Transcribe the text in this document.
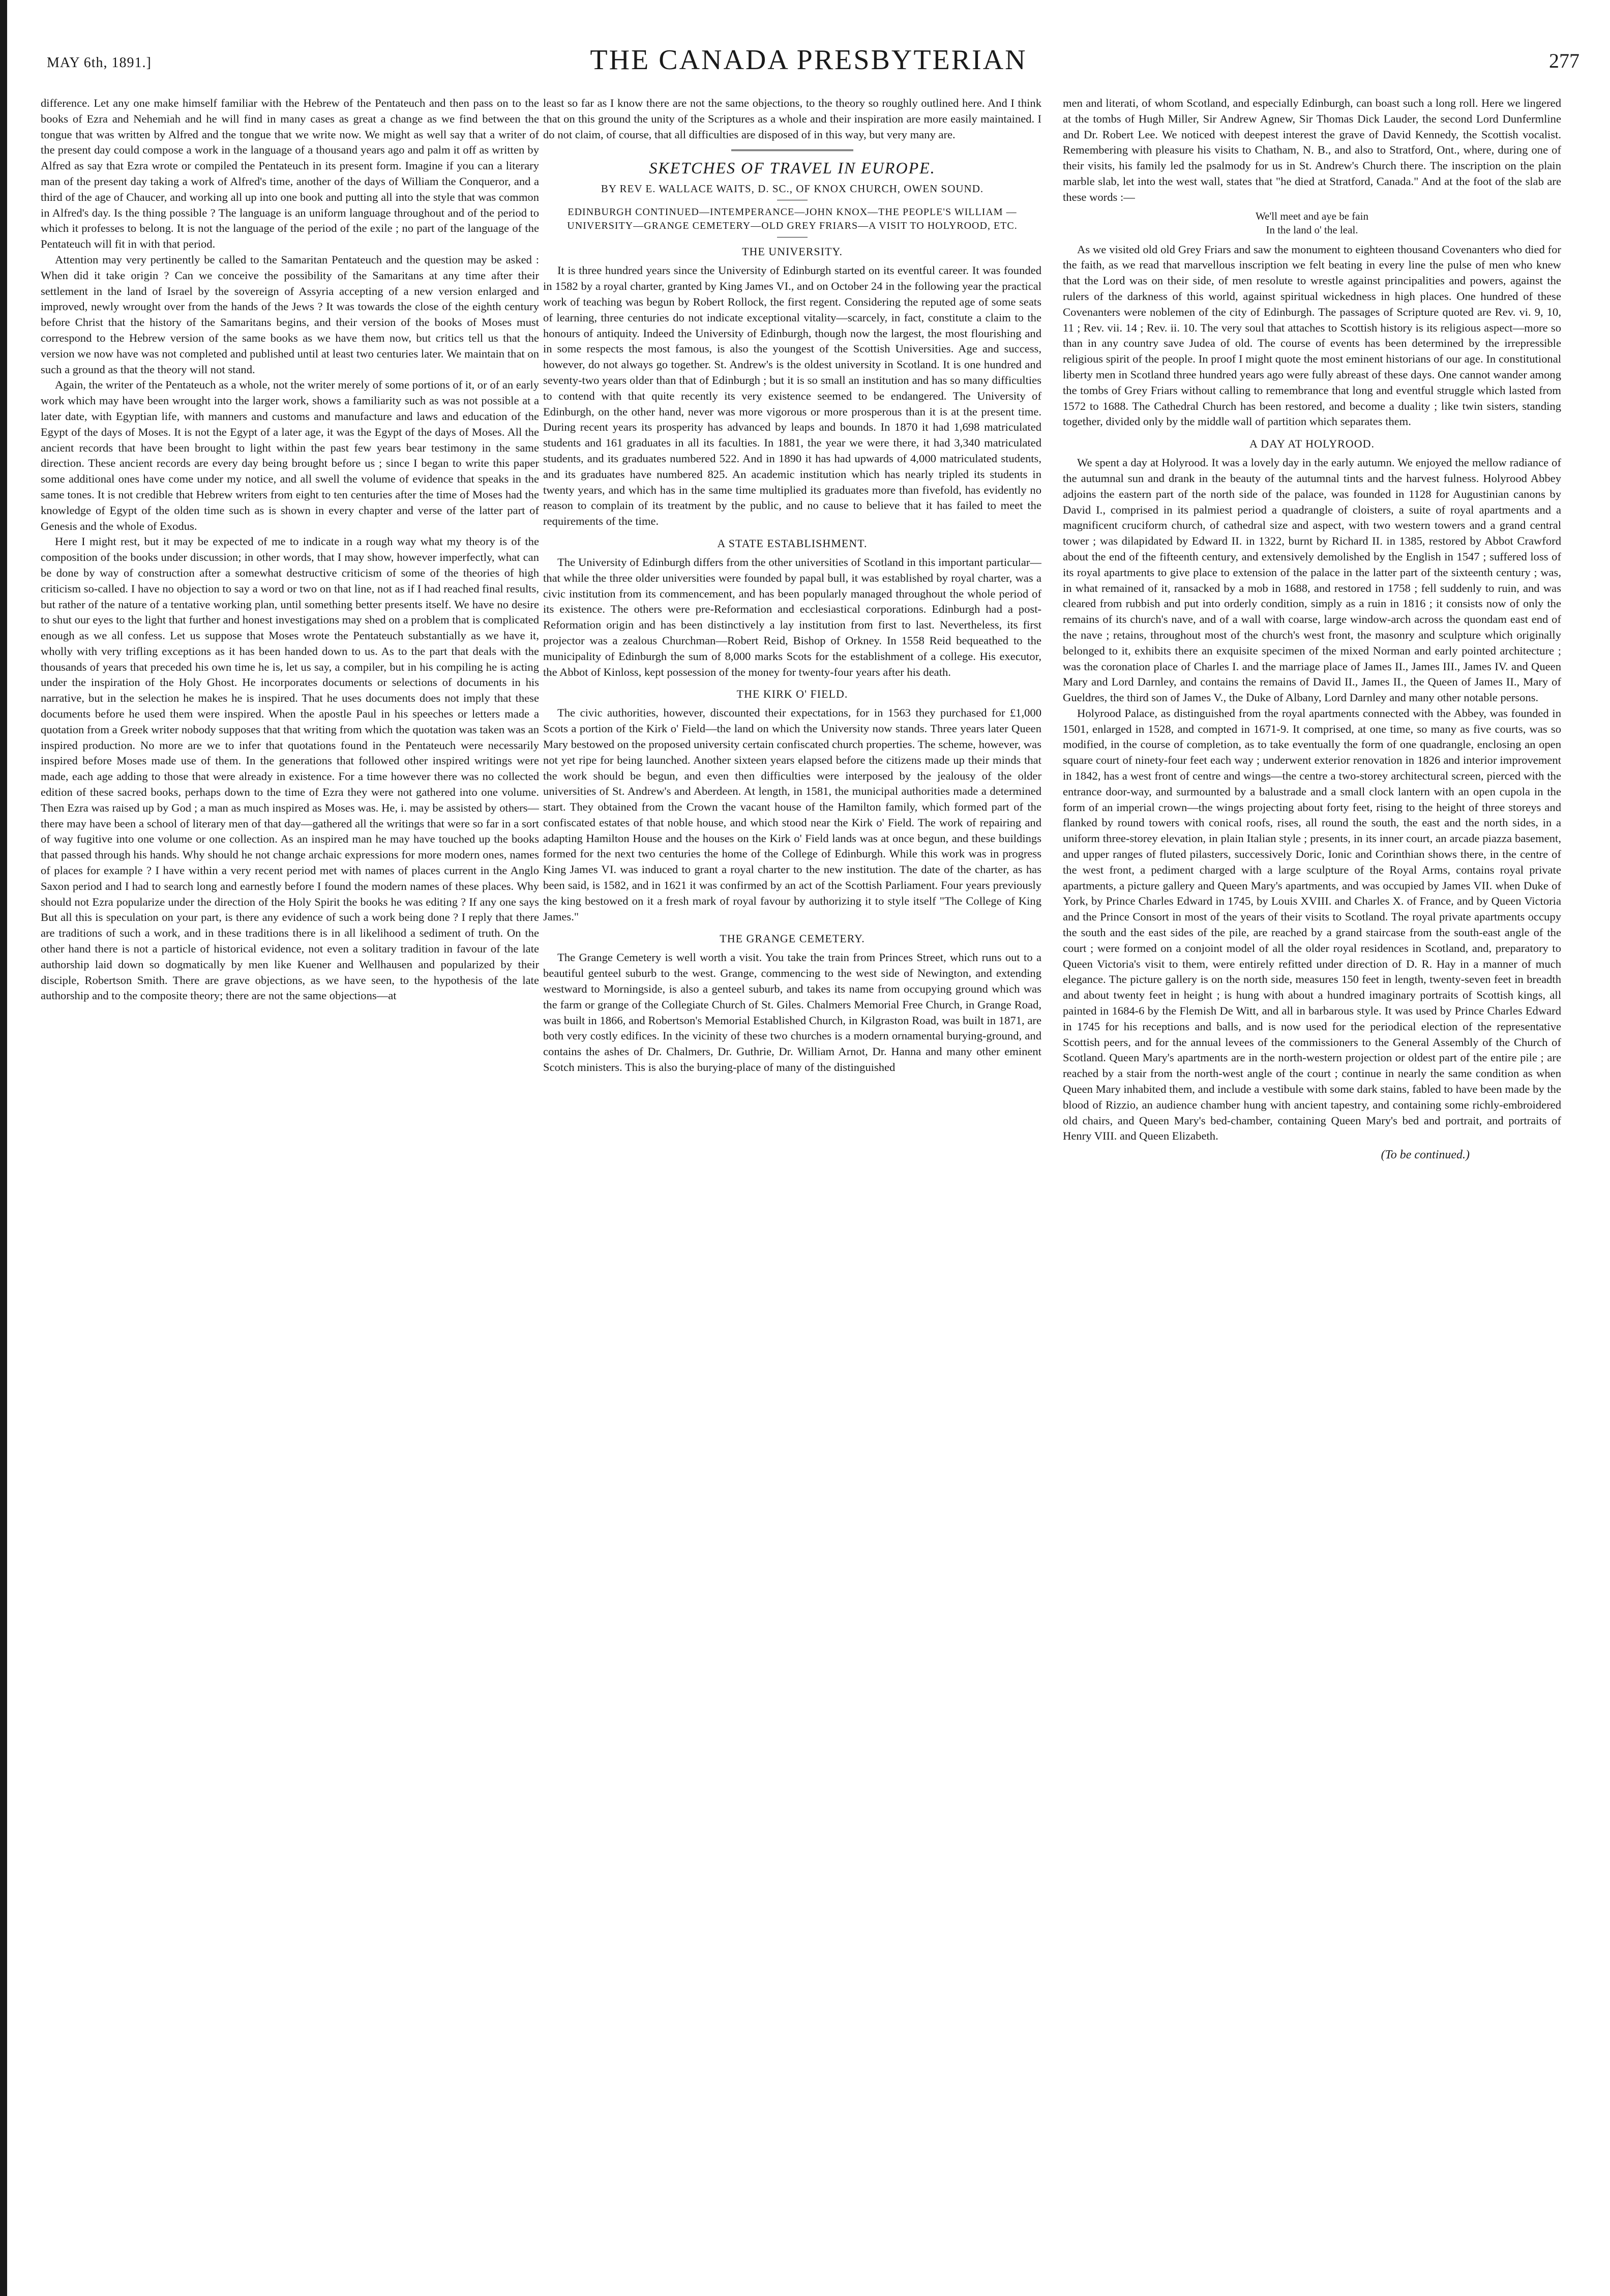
MAY 6th, 1891.]	THE CANADA PRESBYTERIAN	277

difference. Let any one make himself familiar with the Hebrew of the Pentateuch and then pass on to the books of Ezra and Nehemiah and he will find in many cases as great a change as we find between the tongue that was written by Alfred and the tongue that we write now. We might as well say that a writer of the present day could compose a work in the language of a thousand years ago and palm it off as written by Alfred as say that Ezra wrote or compiled the Pentateuch in its present form. Imagine if you can a literary man of the present day taking a work of Alfred's time, another of the days of William the Conqueror, and a third of the age of Chaucer, and working all up into one book and putting all into the style that was common in Alfred's day. Is the thing possible ? The language is an uniform language throughout and of the period to which it professes to belong. It is not the language of the period of the exile ; no part of the language of the Pentateuch will fit in with that period.

Attention may very pertinently be called to the Samaritan Pentateuch and the question may be asked : When did it take origin ? Can we conceive the possibility of the Samaritans at any time after their settlement in the land of Israel by the sovereign of Assyria accepting of a new version enlarged and improved, newly wrought over from the hands of the Jews ? It was towards the close of the eighth century before Christ that the history of the Samaritans begins, and their version of the books of Moses must correspond to the Hebrew version of the same books as we have them now, but critics tell us that the version we now have was not completed and published until at least two centuries later. We maintain that on such a ground as that the theory will not stand.

Again, the writer of the Pentateuch as a whole, not the writer merely of some portions of it, or of an early work which may have been wrought into the larger work, shows a familiarity such as was not possible at a later date, with Egyptian life, with manners and customs and manufacture and laws and education of the Egypt of the days of Moses. It is not the Egypt of a later age, it was the Egypt of the days of Moses. All the ancient records that have been brought to light within the past few years bear testimony in the same direction. These ancient records are every day being brought before us ; since I began to write this paper some additional ones have come under my notice, and all swell the volume of evidence that speaks in the same tones. It is not credible that Hebrew writers from eight to ten centuries after the time of Moses had the knowledge of Egypt of the olden time such as is shown in every chapter and verse of the latter part of Genesis and the whole of Exodus.

Here I might rest, but it may be expected of me to indicate in a rough way what my theory is of the composition of the books under discussion; in other words, that I may show, however imperfectly, what can be done by way of construction after a somewhat destructive criticism of some of the theories of high criticism so-called. I have no objection to say a word or two on that line, not as if I had reached final results, but rather of the nature of a tentative working plan, until something better presents itself. We have no desire to shut our eyes to the light that further and honest investigations may shed on a problem that is complicated enough as we all confess. Let us suppose that Moses wrote the Pentateuch substantially as we have it, wholly with very trifling exceptions as it has been handed down to us. As to the part that deals with the thousands of years that preceded his own time he is, let us say, a compiler, but in his compiling he is acting under the inspiration of the Holy Ghost. He incorporates documents or selections of documents in his narrative, but in the selection he makes he is inspired. That he uses documents does not imply that these documents before he used them were inspired. When the apostle Paul in his speeches or letters made a quotation from a Greek writer nobody supposes that that writing from which the quotation was taken was an inspired production. No more are we to infer that quotations found in the Pentateuch were necessarily inspired before Moses made use of them. In the generations that followed other inspired writings were made, each age adding to those that were already in existence. For a time however there was no collected edition of these sacred books, perhaps down to the time of Ezra they were not gathered into one volume. Then Ezra was raised up by God ; a man as much inspired as Moses was. He, i. may be assisted by others—there may have been a school of literary men of that day—gathered all the writings that were so far in a sort of way fugitive into one volume or one collection. As an inspired man he may have touched up the books that passed through his hands. Why should he not change archaic expressions for more modern ones, names of places for example ? I have within a very recent period met with names of places current in the Anglo Saxon period and I had to search long and earnestly before I found the modern names of these places. Why should not Ezra popularize under the direction of the Holy Spirit the books he was editing ? If any one says But all this is speculation on your part, is there any evidence of such a work being done ? I reply that there are traditions of such a work, and in these traditions there is in all likelihood a sediment of truth. On the other hand there is not a particle of historical evidence, not even a solitary tradition in favour of the late authorship laid down so dogmatically by men like Kuener and Wellhausen and popularized by their disciple, Robertson Smith. There are grave objections, as we have seen, to the hypothesis of the late authorship and to the composite theory; there are not the same objections—at

least so far as I know there are not the same objections, to the theory so roughly outlined here. And I think that on this ground the unity of the Scriptures as a whole and their inspiration are more easily maintained. I do not claim, of course, that all difficulties are disposed of in this way, but very many are.

SKETCHES OF TRAVEL IN EUROPE.
BY REV E. WALLACE WAITS, D. SC., OF KNOX CHURCH, OWEN SOUND.
EDINBURGH CONTINUED—INTEMPERANCE—JOHN KNOX—THE PEOPLE'S WILLIAM — UNIVERSITY—GRANGE CEMETERY—OLD GREY FRIARS—A VISIT TO HOLYROOD, ETC.
THE UNIVERSITY.

It is three hundred years since the University of Edinburgh started on its eventful career. It was founded in 1582 by a royal charter, granted by King James VI., and on October 24 in the following year the practical work of teaching was begun by Robert Rollock, the first regent. Considering the reputed age of some seats of learning, three centuries do not indicate exceptional vitality—scarcely, in fact, constitute a claim to the honours of antiquity. Indeed the University of Edinburgh, though now the largest, the most flourishing and in some respects the most famous, is also the youngest of the Scottish Universities. Age and success, however, do not always go together. St. Andrew's is the oldest university in Scotland. It is one hundred and seventy-two years older than that of Edinburgh ; but it is so small an institution and has so many difficulties to contend with that quite recently its very existence seemed to be endangered. The University of Edinburgh, on the other hand, never was more vigorous or more prosperous than it is at the present time. During recent years its prosperity has advanced by leaps and bounds. In 1870 it had 1,698 matriculated students and 161 graduates in all its faculties. In 1881, the year we were there, it had 3,340 matriculated students, and its graduates numbered 522. And in 1890 it has had upwards of 4,000 matriculated students, and its graduates have numbered 825. An academic institution which has nearly tripled its students in twenty years, and which has in the same time multiplied its graduates more than fivefold, has evidently no reason to complain of its treatment by the public, and no cause to believe that it has failed to meet the requirements of the time.

A STATE ESTABLISHMENT.

The University of Edinburgh differs from the other universities of Scotland in this important particular—that while the three older universities were founded by papal bull, it was established by royal charter, was a civic institution from its commencement, and has been popularly managed throughout the whole period of its existence. The others were pre-Reformation and ecclesiastical corporations. Edinburgh had a post-Reformation origin and has been distinctively a lay institution from first to last. Nevertheless, its first projector was a zealous Churchman—Robert Reid, Bishop of Orkney. In 1558 Reid bequeathed to the municipality of Edinburgh the sum of 8,000 marks Scots for the establishment of a college. His executor, the Abbot of Kinloss, kept possession of the money for twenty-four years after his death.

THE KIRK O' FIELD.

The civic authorities, however, discounted their expectations, for in 1563 they purchased for £1,000 Scots a portion of the Kirk o' Field—the land on which the University now stands. Three years later Queen Mary bestowed on the proposed university certain confiscated church properties. The scheme, however, was not yet ripe for being launched. Another sixteen years elapsed before the citizens made up their minds that the work should be begun, and even then difficulties were interposed by the jealousy of the older universities of St. Andrew's and Aberdeen. At length, in 1581, the municipal authorities made a determined start. They obtained from the Crown the vacant house of the Hamilton family, which formed part of the confiscated estates of that noble house, and which stood near the Kirk o' Field. The work of repairing and adapting Hamilton House and the houses on the Kirk o' Field lands was at once begun, and these buildings formed for the next two centuries the home of the College of Edinburgh. While this work was in progress King James VI. was induced to grant a royal charter to the new institution. The date of the charter, as has been said, is 1582, and in 1621 it was confirmed by an act of the Scottish Parliament. Four years previously the king bestowed on it a fresh mark of royal favour by authorizing it to style itself "The College of King James."

THE GRANGE CEMETERY.

The Grange Cemetery is well worth a visit. You take the train from Princes Street, which runs out to a beautiful genteel suburb to the west. Grange, commencing to the west side of Newington, and extending westward to Morningside, is also a genteel suburb, and takes its name from occupying ground which was the farm or grange of the Collegiate Church of St. Giles. Chalmers Memorial Free Church, in Grange Road, was built in 1866, and Robertson's Memorial Established Church, in Kilgraston Road, was built in 1871, are both very costly edifices. In the vicinity of these two churches is a modern ornamental burying-ground, and contains the ashes of Dr. Chalmers, Dr. Guthrie, Dr. William Arnot, Dr. Hanna and many other eminent Scotch ministers. This is also the burying-place of many of the distinguished

men and literati, of whom Scotland, and especially Edinburgh, can boast such a long roll. Here we lingered at the tombs of Hugh Miller, Sir Andrew Agnew, Sir Thomas Dick Lauder, the second Lord Dunfermline and Dr. Robert Lee. We noticed with deepest interest the grave of David Kennedy, the Scottish vocalist. Remembering with pleasure his visits to Chatham, N. B., and also to Stratford, Ont., where, during one of their visits, his family led the psalmody for us in St. Andrew's Church there. The inscription on the plain marble slab, let into the west wall, states that "he died at Stratford, Canada." And at the foot of the slab are these words :—

We'll meet and aye be fain
In the land o' the leal.

As we visited old old Grey Friars and saw the monument to eighteen thousand Covenanters who died for the faith, as we read that marvellous inscription we felt beating in every line the pulse of men who knew that the Lord was on their side, of men resolute to wrestle against principalities and powers, against the rulers of the darkness of this world, against spiritual wickedness in high places. One hundred of these Covenanters were noblemen of the city of Edinburgh. The passages of Scripture quoted are Rev. vi. 9, 10, 11 ; Rev. vii. 14 ; Rev. ii. 10. The very soul that attaches to Scottish history is its religious aspect—more so than in any country save Judea of old. The course of events has been determined by the irrepressible religious spirit of the people. In proof I might quote the most eminent historians of our age. In constitutional liberty men in Scotland three hundred years ago were fully abreast of these days. One cannot wander among the tombs of Grey Friars without calling to remembrance that long and eventful struggle which lasted from 1572 to 1688. The Cathedral Church has been restored, and become a duality ; like twin sisters, standing together, divided only by the middle wall of partition which separates them.

A DAY AT HOLYROOD.

We spent a day at Holyrood. It was a lovely day in the early autumn. We enjoyed the mellow radiance of the autumnal sun and drank in the beauty of the autumnal tints and the harvest fulness. Holyrood Abbey adjoins the eastern part of the north side of the palace, was founded in 1128 for Augustinian canons by David I., comprised in its palmiest period a quadrangle of cloisters, a suite of royal apartments and a magnificent cruciform church, of cathedral size and aspect, with two western towers and a grand central tower ; was dilapidated by Edward II. in 1322, burnt by Richard II. in 1385, restored by Abbot Crawford about the end of the fifteenth century, and extensively demolished by the English in 1547 ; suffered loss of its royal apartments to give place to extension of the palace in the latter part of the sixteenth century ; was, in what remained of it, ransacked by a mob in 1688, and restored in 1758 ; fell suddenly to ruin, and was cleared from rubbish and put into orderly condition, simply as a ruin in 1816 ; it consists now of only the remains of its church's nave, and of a wall with coarse, large window-arch across the quondam east end of the nave ; retains, throughout most of the church's west front, the masonry and sculpture which originally belonged to it, exhibits there an exquisite specimen of the mixed Norman and early pointed architecture ; was the coronation place of Charles I. and the marriage place of James II., James III., James IV. and Queen Mary and Lord Darnley, and contains the remains of David II., James II., the Queen of James II., Mary of Gueldres, the third son of James V., the Duke of Albany, Lord Darnley and many other notable persons.

Holyrood Palace, as distinguished from the royal apartments connected with the Abbey, was founded in 1501, enlarged in 1528, and compted in 1671-9. It comprised, at one time, so many as five courts, was so modified, in the course of completion, as to take eventually the form of one quadrangle, enclosing an open square court of ninety-four feet each way ; underwent exterior renovation in 1826 and interior improvement in 1842, has a west front of centre and wings—the centre a two-storey architectural screen, pierced with the entrance door-way, and surmounted by a balustrade and a small clock lantern with an open cupola in the form of an imperial crown—the wings projecting about forty feet, rising to the height of three storeys and flanked by round towers with conical roofs, rises, all round the south, the east and the north sides, in a uniform three-storey elevation, in plain Italian style ; presents, in its inner court, an arcade piazza basement, and upper ranges of fluted pilasters, successively Doric, Ionic and Corinthian shows there, in the centre of the west front, a pediment charged with a large sculpture of the Royal Arms, contains royal private apartments, a picture gallery and Queen Mary's apartments, and was occupied by James VII. when Duke of York, by Prince Charles Edward in 1745, by Louis XVIII. and Charles X. of France, and by Queen Victoria and the Prince Consort in most of the years of their visits to Scotland. The royal private apartments occupy the south and the east sides of the pile, are reached by a grand staircase from the south-east angle of the court ; were formed on a conjoint model of all the older royal residences in Scotland, and, preparatory to Queen Victoria's visit to them, were entirely refitted under direction of D. R. Hay in a manner of much elegance. The picture gallery is on the north side, measures 150 feet in length, twenty-seven feet in breadth and about twenty feet in height ; is hung with about a hundred imaginary portraits of Scottish kings, all painted in 1684-6 by the Flemish De Witt, and all in barbarous style. It was used by Prince Charles Edward in 1745 for his receptions and balls, and is now used for the periodical election of the representative Scottish peers, and for the annual levees of the commissioners to the General Assembly of the Church of Scotland. Queen Mary's apartments are in the north-western projection or oldest part of the entire pile ; are reached by a stair from the north-west angle of the court ; continue in nearly the same condition as when Queen Mary inhabited them, and include a vestibule with some dark stains, fabled to have been made by the blood of Rizzio, an audience chamber hung with ancient tapestry, and containing some richly-embroidered old chairs, and Queen Mary's bed-chamber, containing Queen Mary's bed and portrait, and portraits of Henry VIII. and Queen Elizabeth.

(To be continued.)
